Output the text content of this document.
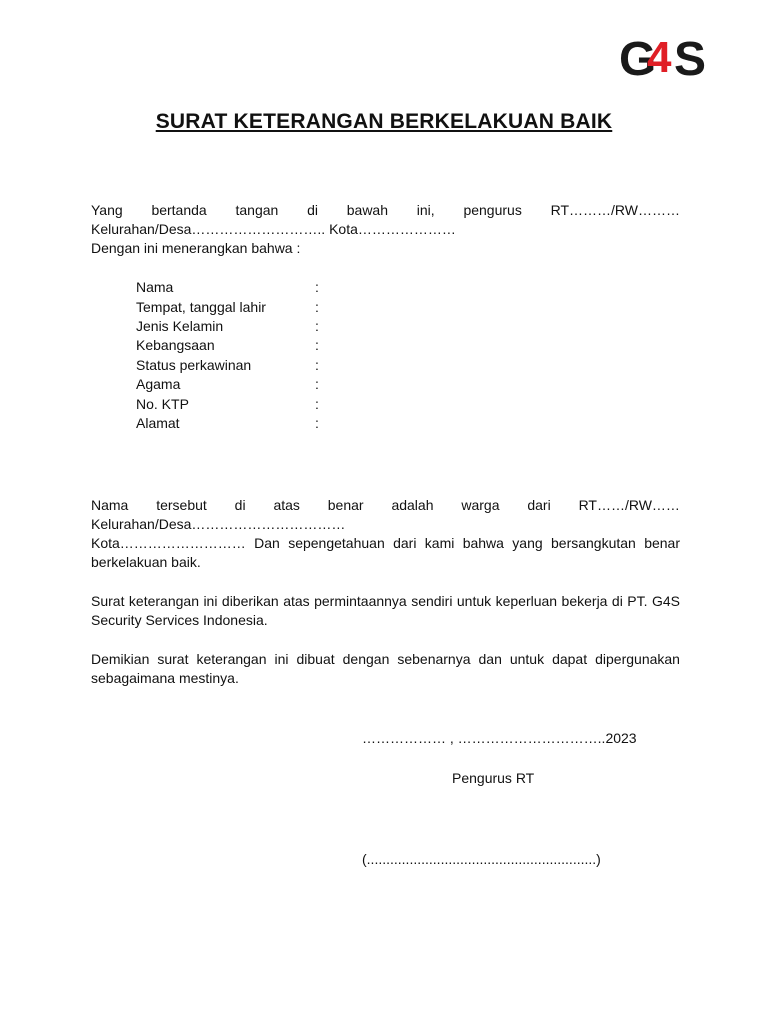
G
4 S
SURAT KETERANGAN BERKELAKUAN BAIK
Yang bertanda tangan di bawah ini, pengurus RT………/RW………
Kelurahan/Desa……………………….. Kota…………………
Dengan ini menerangkan bahwa :
Nama	:
Tempat, tanggal lahir	:
Jenis Kelamin	:
Kebangsaan	:
Status perkawinan	:
Agama	:
No. KTP	:
Alamat	:
Nama tersebut di atas benar adalah warga dari RT……/RW……
Kelurahan/Desa……………………………
Kota……………………… Dan sepengetahuan dari kami bahwa yang bersangkutan benar
berkelakuan baik.
Surat keterangan ini diberikan atas permintaannya sendiri untuk keperluan bekerja di PT. G4S
Security Services Indonesia.
Demikian surat keterangan ini dibuat dengan sebenarnya dan untuk dapat dipergunakan
sebagaimana mestinya.
……………… , …………………………..2023
Pengurus RT
(...........................................................)
